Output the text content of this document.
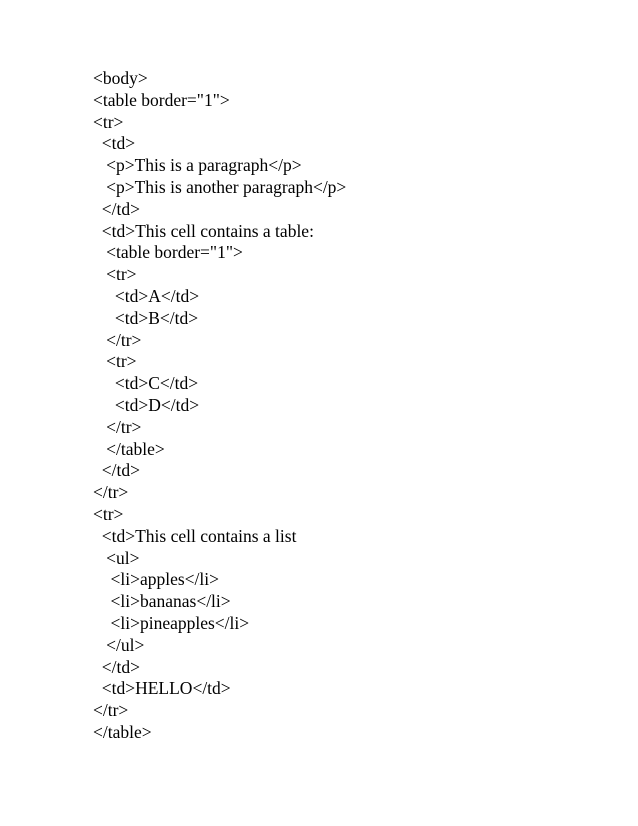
<body>
<table border="1">
<tr>
<td>
<p>This is a paragraph</p>
<p>This is another paragraph</p>
</td>
<td>This cell contains a table:
<table border="1">
<tr>
<td>A</td>
<td>B</td>
</tr>
<tr>
<td>C</td>
<td>D</td>
</tr>
</table>
</td>
</tr>
<tr>
<td>This cell contains a list
<ul>
<li>apples</li>
<li>bananas</li>
<li>pineapples</li>
</ul>
</td>
<td>HELLO</td>
</tr>
</table>
